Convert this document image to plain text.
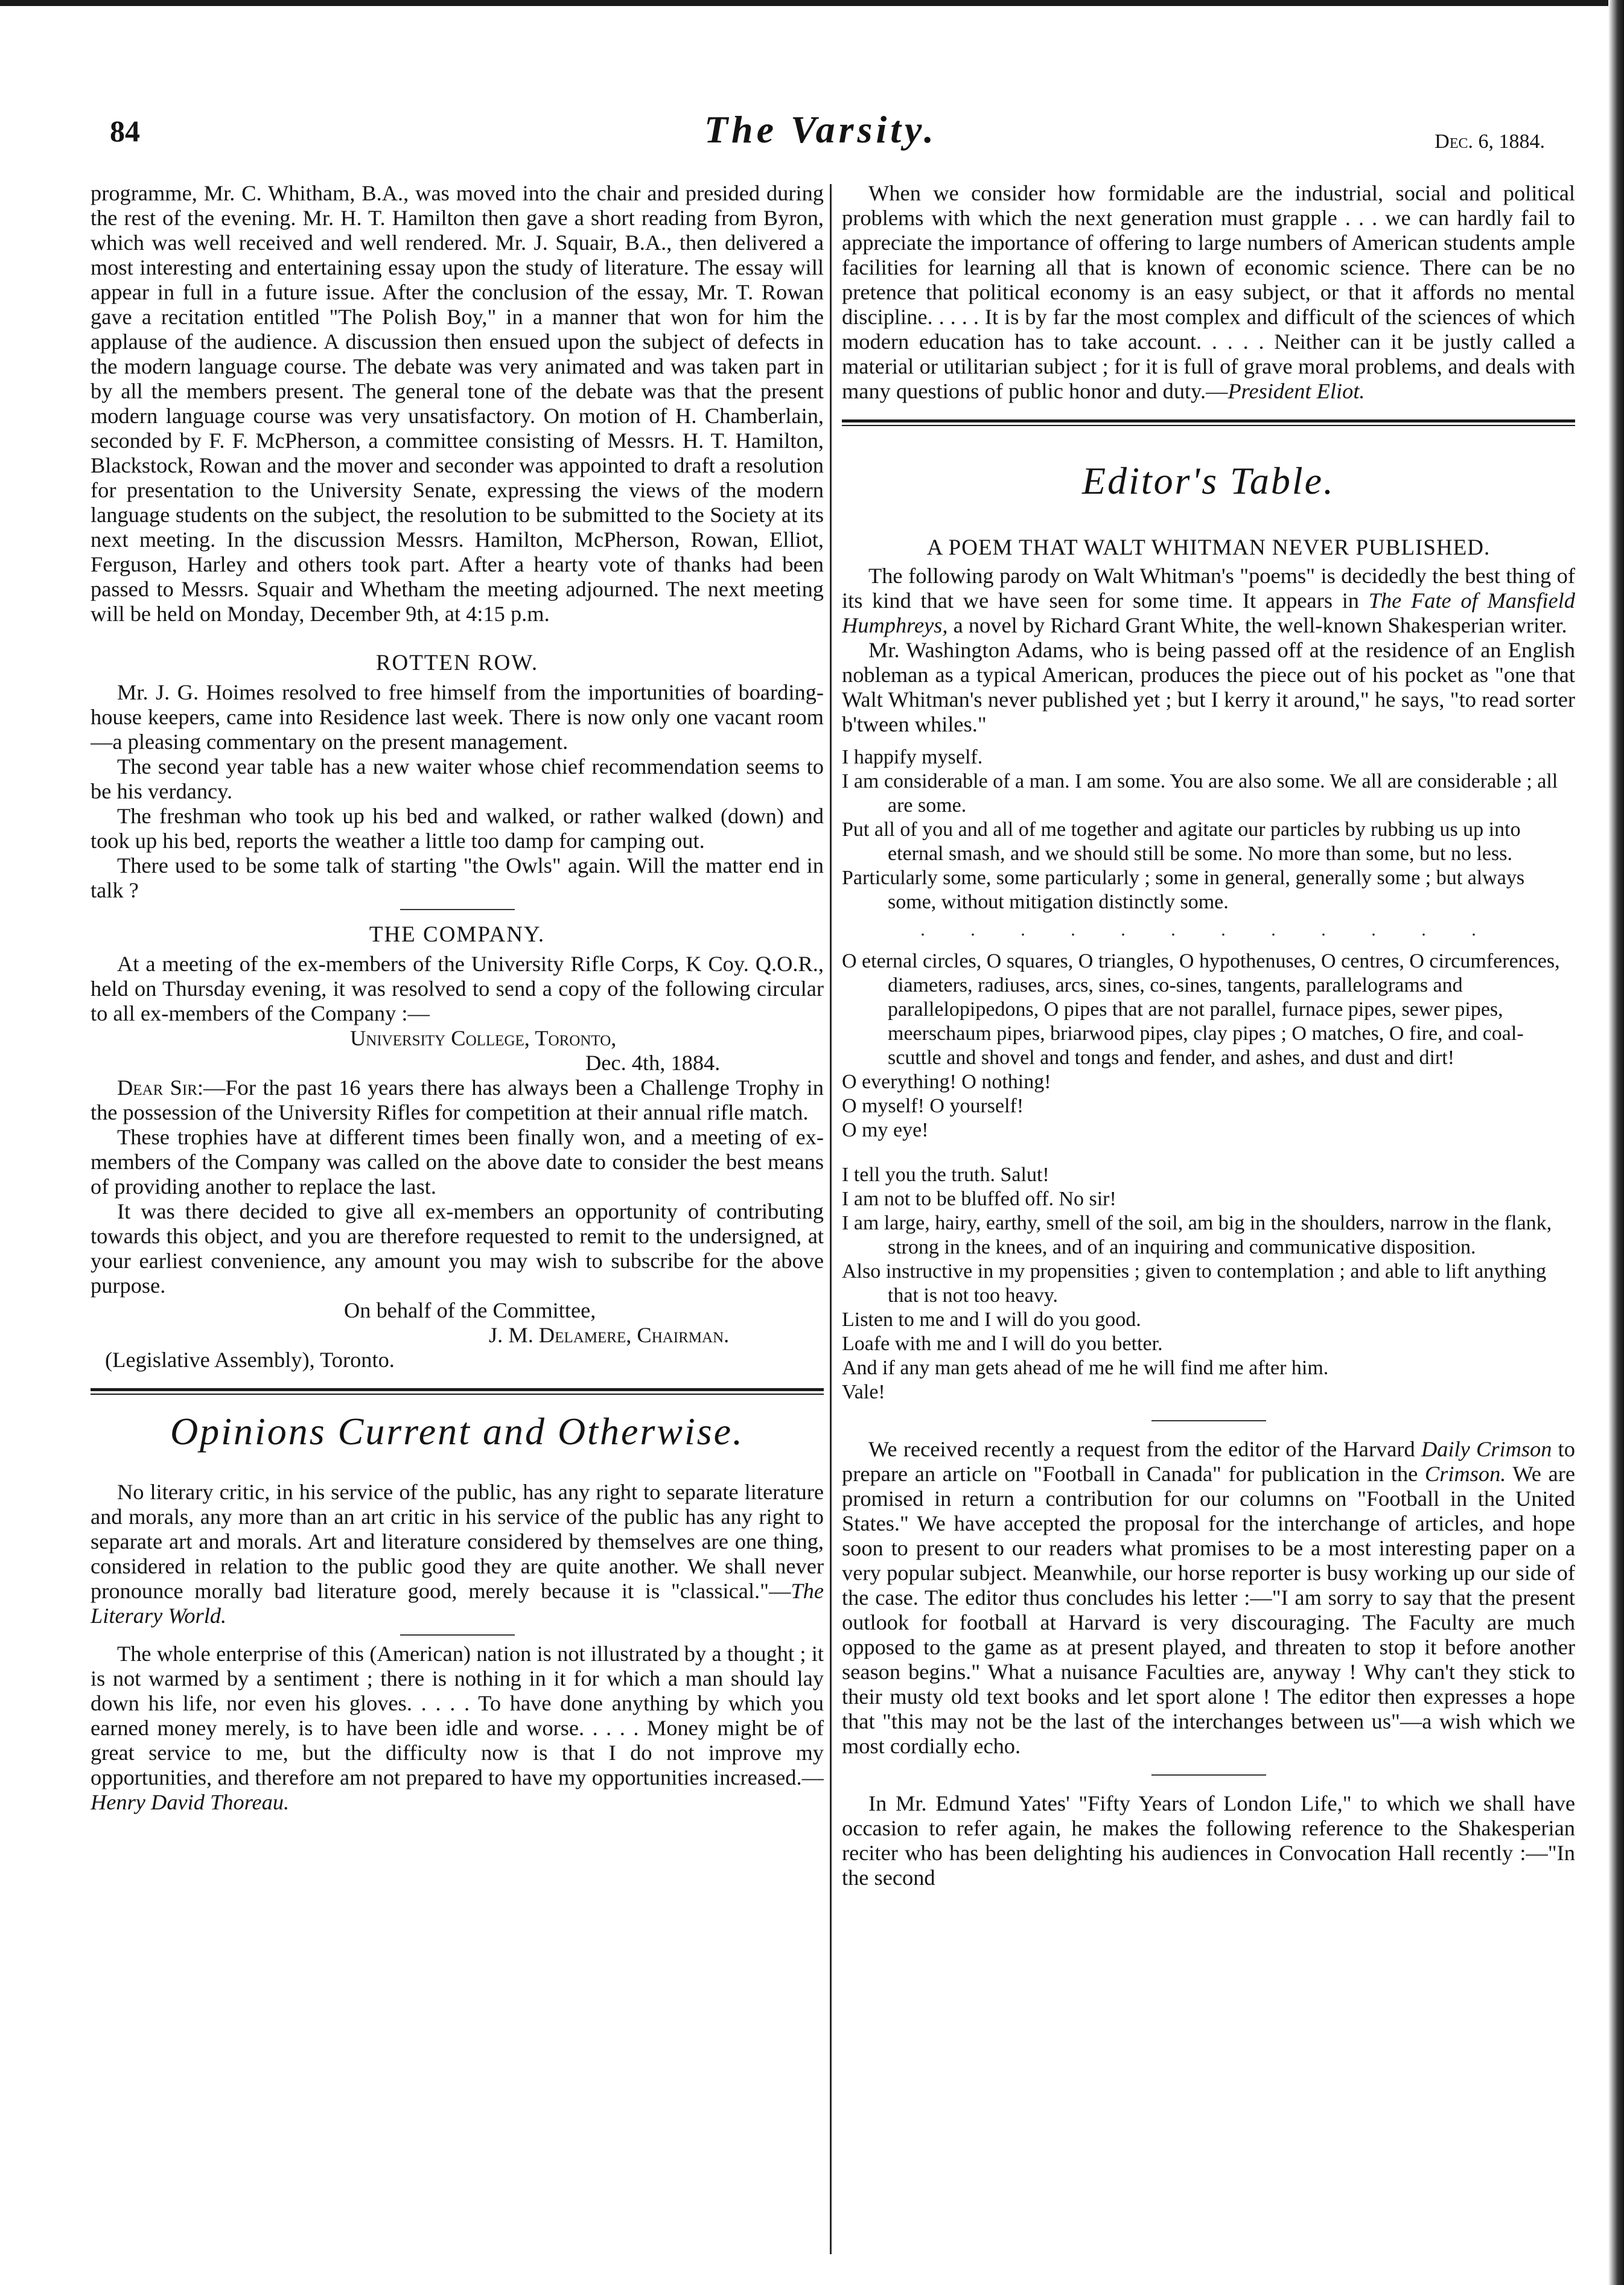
84	The Varsity.	Dec. 6, 1884.

programme, Mr. C. Whitham, B.A., was moved into the chair and presided during the rest of the evening. Mr. H. T. Hamilton then gave a short reading from Byron, which was well received and well rendered. Mr. J. Squair, B.A., then delivered a most interesting and entertaining essay upon the study of literature. The essay will appear in full in a future issue. After the conclusion of the essay, Mr. T. Rowan gave a recitation entitled "The Polish Boy," in a manner that won for him the applause of the audience. A discussion then ensued upon the subject of defects in the modern language course. The debate was very animated and was taken part in by all the members present. The general tone of the debate was that the present modern language course was very unsatisfactory. On motion of H. Chamberlain, seconded by F. F. McPherson, a committee consisting of Messrs. H. T. Hamilton, Blackstock, Rowan and the mover and seconder was appointed to draft a resolution for presentation to the University Senate, expressing the views of the modern language students on the subject, the resolution to be submitted to the Society at its next meeting. In the discussion Messrs. Hamilton, McPherson, Rowan, Elliot, Ferguson, Harley and others took part. After a hearty vote of thanks had been passed to Messrs. Squair and Whetham the meeting adjourned. The next meeting will be held on Monday, December 9th, at 4:15 p.m.

ROTTEN ROW.

Mr. J. G. Hoimes resolved to free himself from the importunities of boarding-house keepers, came into Residence last week. There is now only one vacant room—a pleasing commentary on the present management.

The second year table has a new waiter whose chief recommendation seems to be his verdancy.

The freshman who took up his bed and walked, or rather walked (down) and took up his bed, reports the weather a little too damp for camping out.

There used to be some talk of starting "the Owls" again. Will the matter end in talk ?

THE COMPANY.

At a meeting of the ex-members of the University Rifle Corps, K Coy. Q.O.R., held on Thursday evening, it was resolved to send a copy of the following circular to all ex-members of the Company :—

University College, Toronto,

Dec. 4th, 1884.

Dear Sir:—For the past 16 years there has always been a Challenge Trophy in the possession of the University Rifles for competition at their annual rifle match.

These trophies have at different times been finally won, and a meeting of ex-members of the Company was called on the above date to consider the best means of providing another to replace the last.

It was there decided to give all ex-members an opportunity of contributing towards this object, and you are therefore requested to remit to the undersigned, at your earliest convenience, any amount you may wish to subscribe for the above purpose.

On behalf of the Committee,

J. M. Delamere, Chairman.

(Legislative Assembly), Toronto.

Opinions Current and Otherwise.

No literary critic, in his service of the public, has any right to separate literature and morals, any more than an art critic in his service of the public has any right to separate art and morals. Art and literature considered by themselves are one thing, considered in relation to the public good they are quite another. We shall never pronounce morally bad literature good, merely because it is "classical."—The Literary World.

The whole enterprise of this (American) nation is not illustrated by a thought ; it is not warmed by a sentiment ; there is nothing in it for which a man should lay down his life, nor even his gloves. . . . . To have done anything by which you earned money merely, is to have been idle and worse. . . . . Money might be of great service to me, but the difficulty now is that I do not improve my opportunities, and therefore am not prepared to have my opportunities increased.—Henry David Thoreau.

When we consider how formidable are the industrial, social and political problems with which the next generation must grapple . . . we can hardly fail to appreciate the importance of offering to large numbers of American students ample facilities for learning all that is known of economic science. There can be no pretence that political economy is an easy subject, or that it affords no mental discipline. . . . . It is by far the most complex and difficult of the sciences of which modern education has to take account. . . . . Neither can it be justly called a material or utilitarian subject ; for it is full of grave moral problems, and deals with many questions of public honor and duty.—President Eliot.

Editor's Table.
A POEM THAT WALT WHITMAN NEVER PUBLISHED.

The following parody on Walt Whitman's "poems" is decidedly the best thing of its kind that we have seen for some time. It appears in The Fate of Mansfield Humphreys, a novel by Richard Grant White, the well-known Shakesperian writer.

Mr. Washington Adams, who is being passed off at the residence of an English nobleman as a typical American, produces the piece out of his pocket as "one that Walt Whitman's never published yet ; but I kerry it around," he says, "to read sorter b'tween whiles."

I happify myself.
I am considerable of a man. I am some. You are also some. We all are considerable ; all are some.
Put all of you and all of me together and agitate our particles by rubbing us up into eternal smash, and we should still be some. No more than some, but no less.
Particularly some, some particularly ; some in general, generally some ; but always some, without mitigation distinctly some.
. . . . . . . . . . . .
O eternal circles, O squares, O triangles, O hypothenuses, O centres, O circumferences, diameters, radiuses, arcs, sines, co-sines, tangents, parallelograms and parallelopipedons, O pipes that are not parallel, furnace pipes, sewer pipes, meerschaum pipes, briarwood pipes, clay pipes ; O matches, O fire, and coal-scuttle and shovel and tongs and fender, and ashes, and dust and dirt!
O everything! O nothing!
O myself! O yourself!
O my eye!
I tell you the truth. Salut!
I am not to be bluffed off. No sir!
I am large, hairy, earthy, smell of the soil, am big in the shoulders, narrow in the flank, strong in the knees, and of an inquiring and communicative disposition.
Also instructive in my propensities ; given to contemplation ; and able to lift anything that is not too heavy.
Listen to me and I will do you good.
Loafe with me and I will do you better.
And if any man gets ahead of me he will find me after him.
Vale!

We received recently a request from the editor of the Harvard Daily Crimson to prepare an article on "Football in Canada" for publication in the Crimson. We are promised in return a contribution for our columns on "Football in the United States." We have accepted the proposal for the interchange of articles, and hope soon to present to our readers what promises to be a most interesting paper on a very popular subject. Meanwhile, our horse reporter is busy working up our side of the case. The editor thus concludes his letter :—"I am sorry to say that the present outlook for football at Harvard is very discouraging. The Faculty are much opposed to the game as at present played, and threaten to stop it before another season begins." What a nuisance Faculties are, anyway ! Why can't they stick to their musty old text books and let sport alone ! The editor then expresses a hope that "this may not be the last of the interchanges between us"—a wish which we most cordially echo.

In Mr. Edmund Yates' "Fifty Years of London Life," to which we shall have occasion to refer again, he makes the following reference to the Shakesperian reciter who has been delighting his audiences in Convocation Hall recently :—"In the second
